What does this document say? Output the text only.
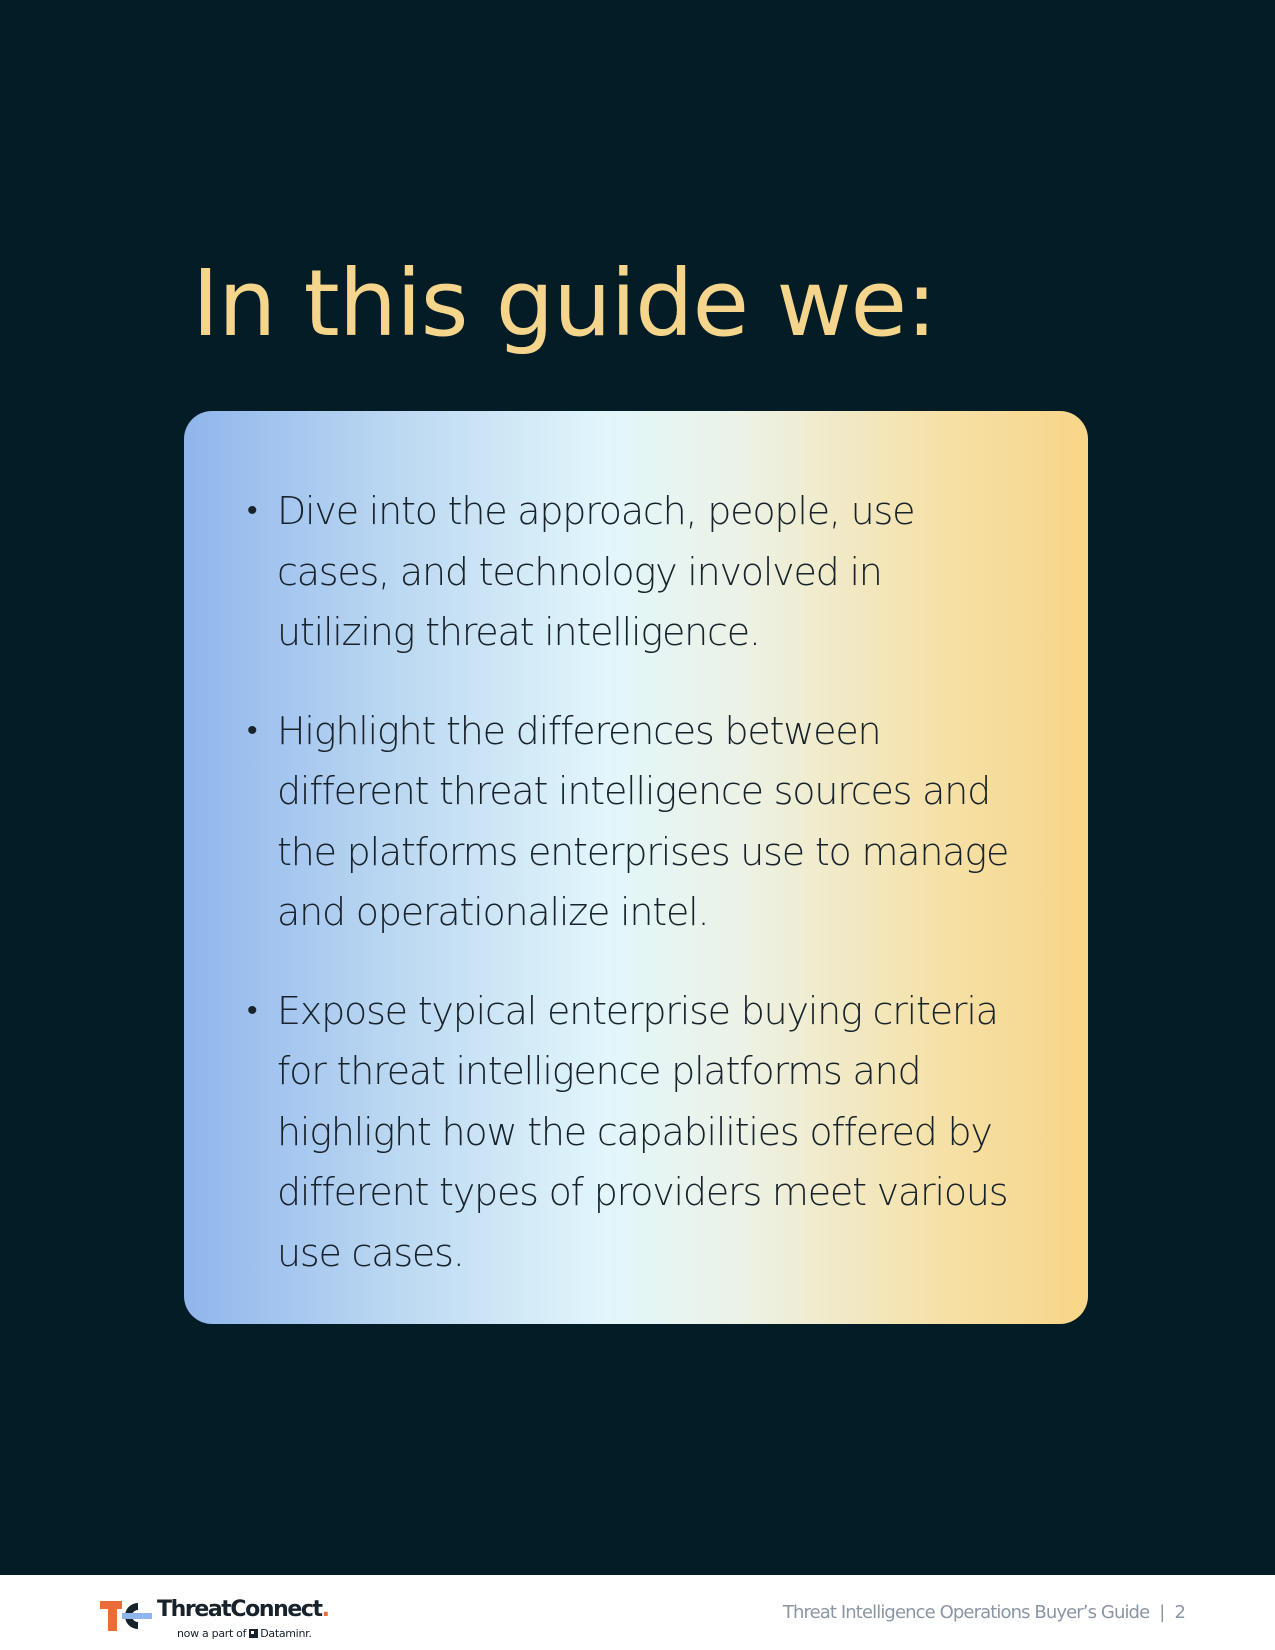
In this guide we:
• Dive into the approach, people, use cases, and technology involved in utilizing threat intelligence.
• Highlight the differences between different threat intelligence sources and the platforms enterprises use to manage and operationalize intel.
• Expose typical enterprise buying criteria for threat intelligence platforms and highlight how the capabilities offered by different types of providers meet various use cases.
ThreatConnect.
now a part of Dataminr.
Threat Intelligence Operations Buyer’s Guide | 2
